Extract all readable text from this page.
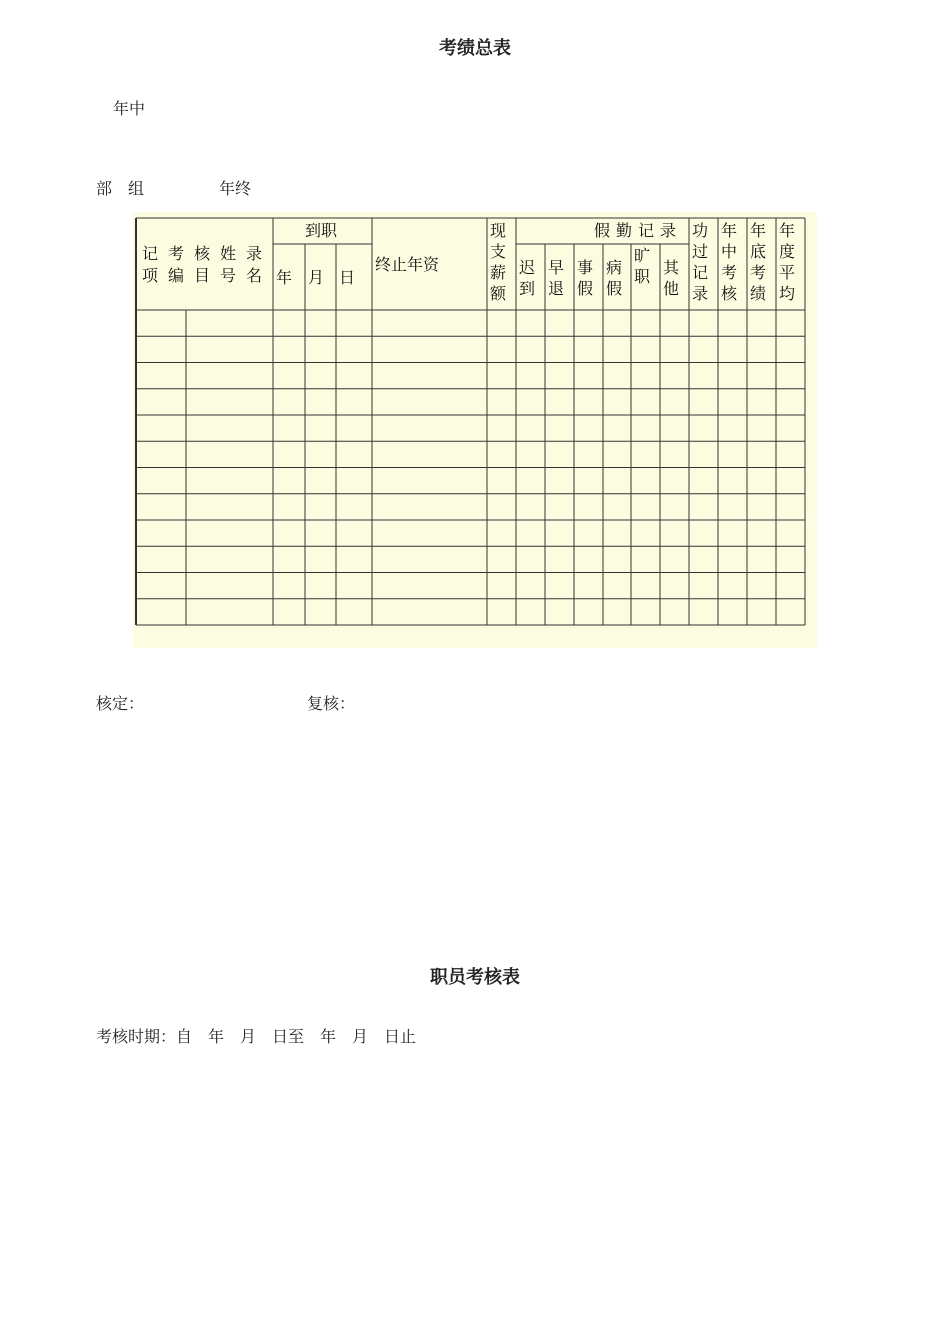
考绩总表
年中
部　组	年终
记考核姓录
项编目号名
到职
年 月 日
终止年资
现支薪额
假勤记录
迟到
早退
事假
病假
旷职 其他
功过记录
年中考核
年底考绩
年度平均
核定：	复核：
职员考核表
考核时期：自　年　月　日至　年　月　日止
